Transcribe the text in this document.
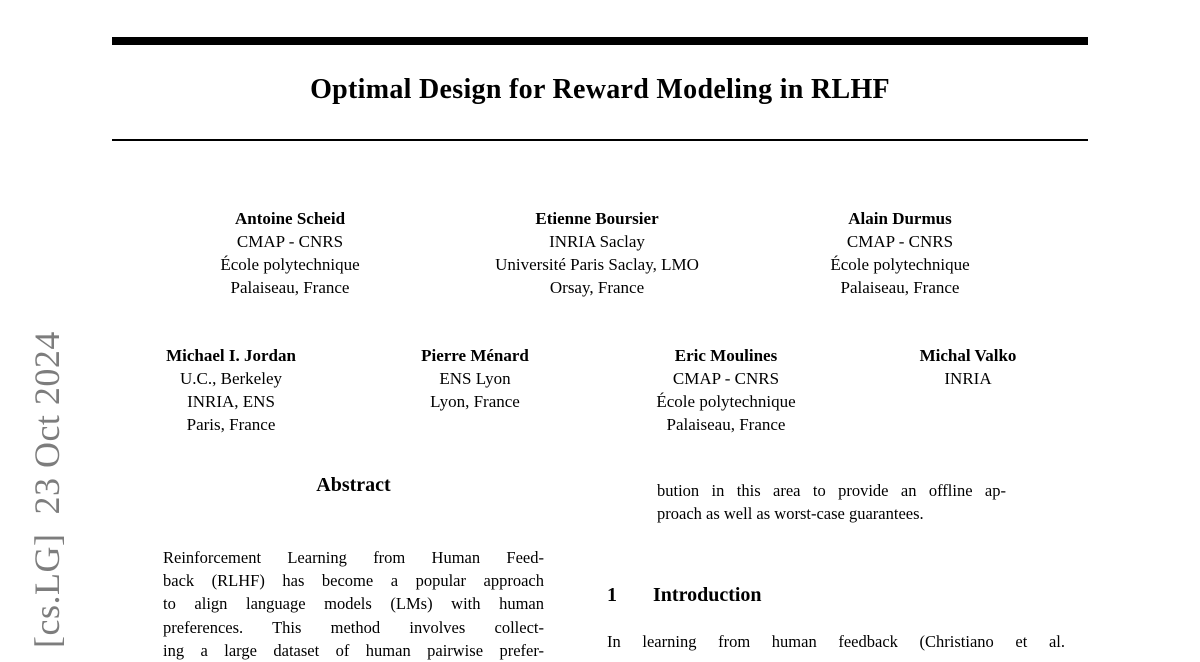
[cs.LG]  23 Oct 2024
Optimal Design for Reward Modeling in RLHF
Antoine Scheid
CMAP - CNRS
École polytechnique
Palaiseau, France
Etienne Boursier
INRIA Saclay
Université Paris Saclay, LMO
Orsay, France
Alain Durmus
CMAP - CNRS
École polytechnique
Palaiseau, France
Michael I. Jordan
U.C., Berkeley
INRIA, ENS
Paris, France
Pierre Ménard
ENS Lyon
Lyon, France
Eric Moulines
CMAP - CNRS
École polytechnique
Palaiseau, France
Michal Valko
INRIA
Abstract
Reinforcement Learning from Human Feed-
back (RLHF) has become a popular approach
to align language models (LMs) with human
preferences. This method involves collect-
ing a large dataset of human pairwise prefer-
bution in this area to provide an offline ap-
proach as well as worst-case guarantees.
1 Introduction
In learning from human feedback (Christiano et al.
